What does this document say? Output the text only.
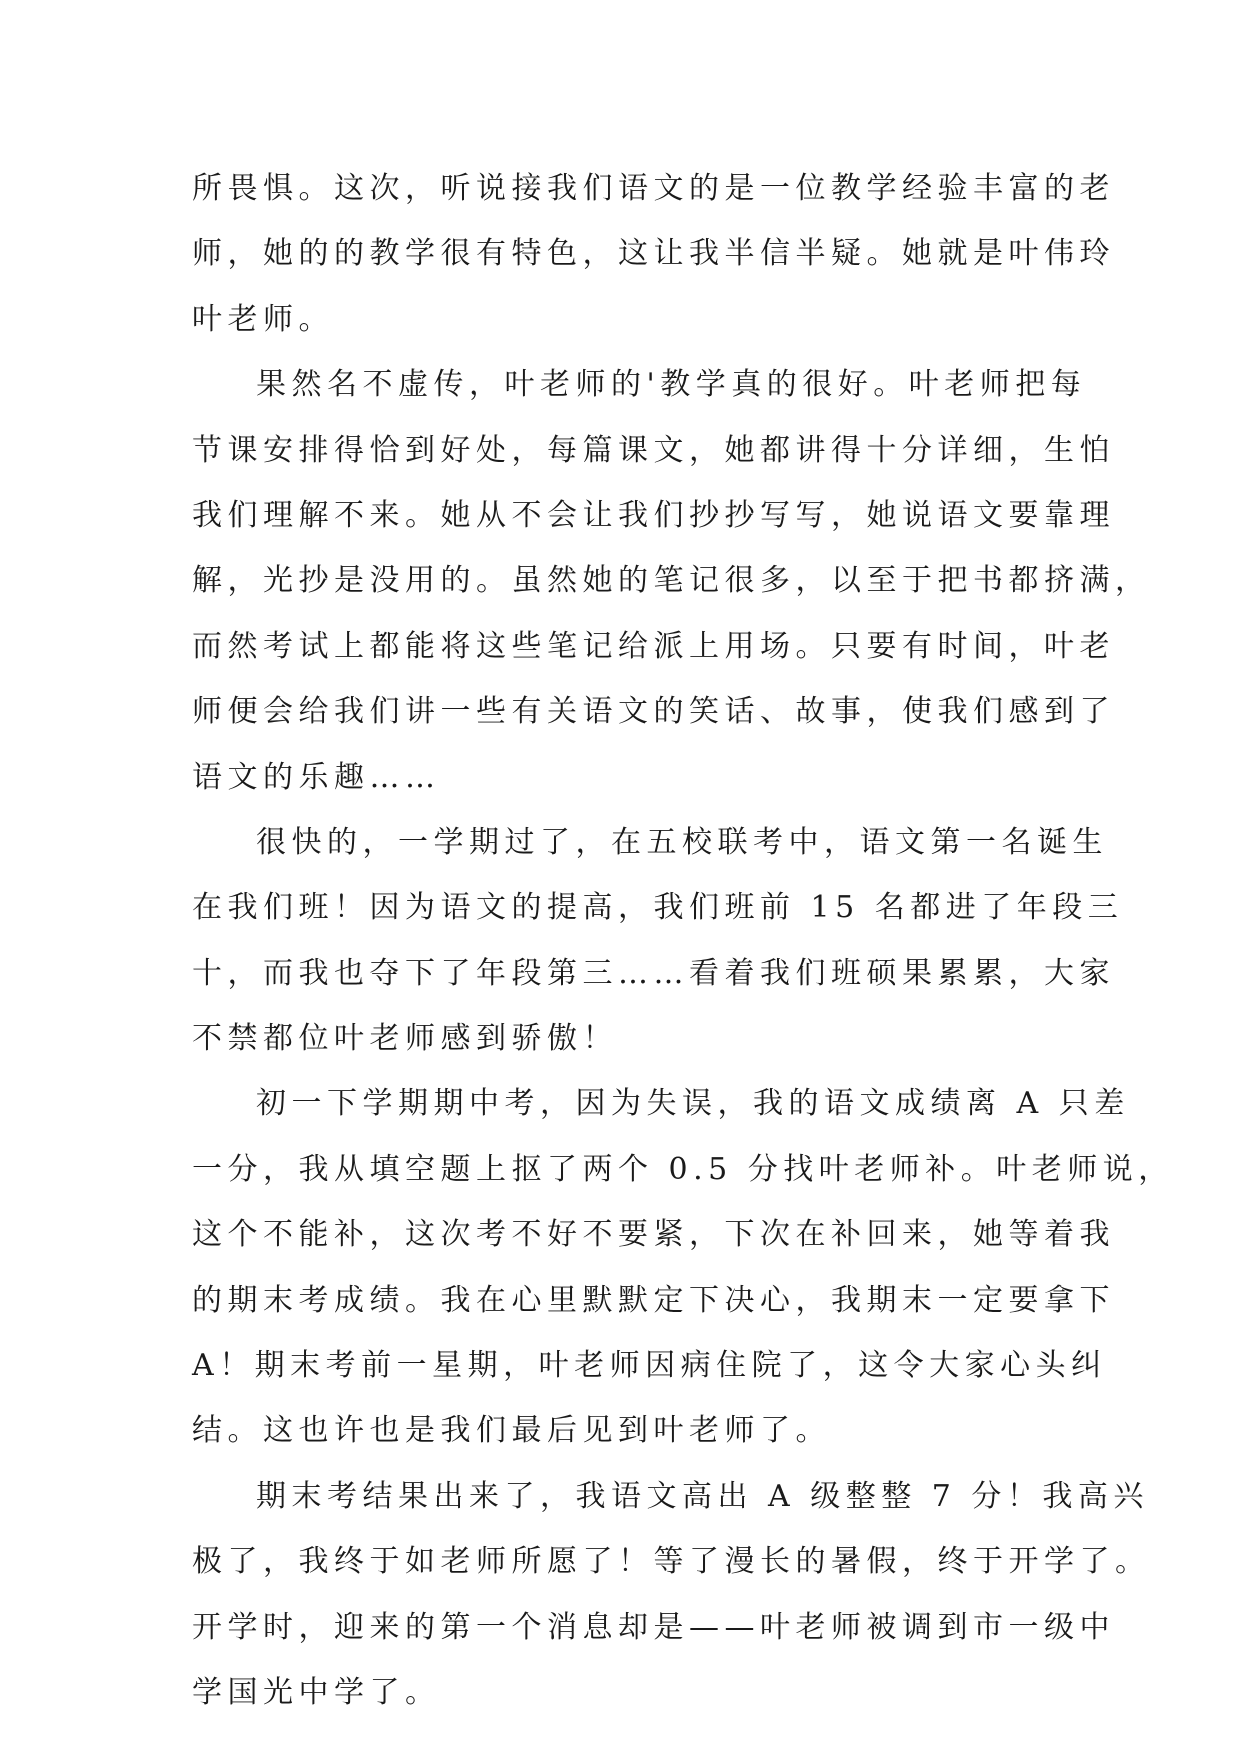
所畏惧。这次，听说接我们语文的是一位教学经验丰富的老
师，她的的教学很有特色，这让我半信半疑。她就是叶伟玲
叶老师。
果然名不虚传，叶老师的'教学真的很好。叶老师把每
节课安排得恰到好处，每篇课文，她都讲得十分详细，生怕
我们理解不来。她从不会让我们抄抄写写，她说语文要靠理
解，光抄是没用的。虽然她的笔记很多，以至于把书都挤满，
而然考试上都能将这些笔记给派上用场。只要有时间，叶老
师便会给我们讲一些有关语文的笑话、故事，使我们感到了
语文的乐趣……
很快的，一学期过了，在五校联考中，语文第一名诞生
在我们班！因为语文的提高，我们班前 15 名都进了年段三
十，而我也夺下了年段第三……看着我们班硕果累累，大家
不禁都位叶老师感到骄傲！
初一下学期期中考，因为失误，我的语文成绩离 A 只差
一分，我从填空题上抠了两个 0.5 分找叶老师补。叶老师说，
这个不能补，这次考不好不要紧，下次在补回来，她等着我
的期末考成绩。我在心里默默定下决心，我期末一定要拿下
A！期末考前一星期，叶老师因病住院了，这令大家心头纠
结。这也许也是我们最后见到叶老师了。
期末考结果出来了，我语文高出 A 级整整 7 分！我高兴
极了，我终于如老师所愿了！等了漫长的暑假，终于开学了。
开学时，迎来的第一个消息却是——叶老师被调到市一级中
学国光中学了。
